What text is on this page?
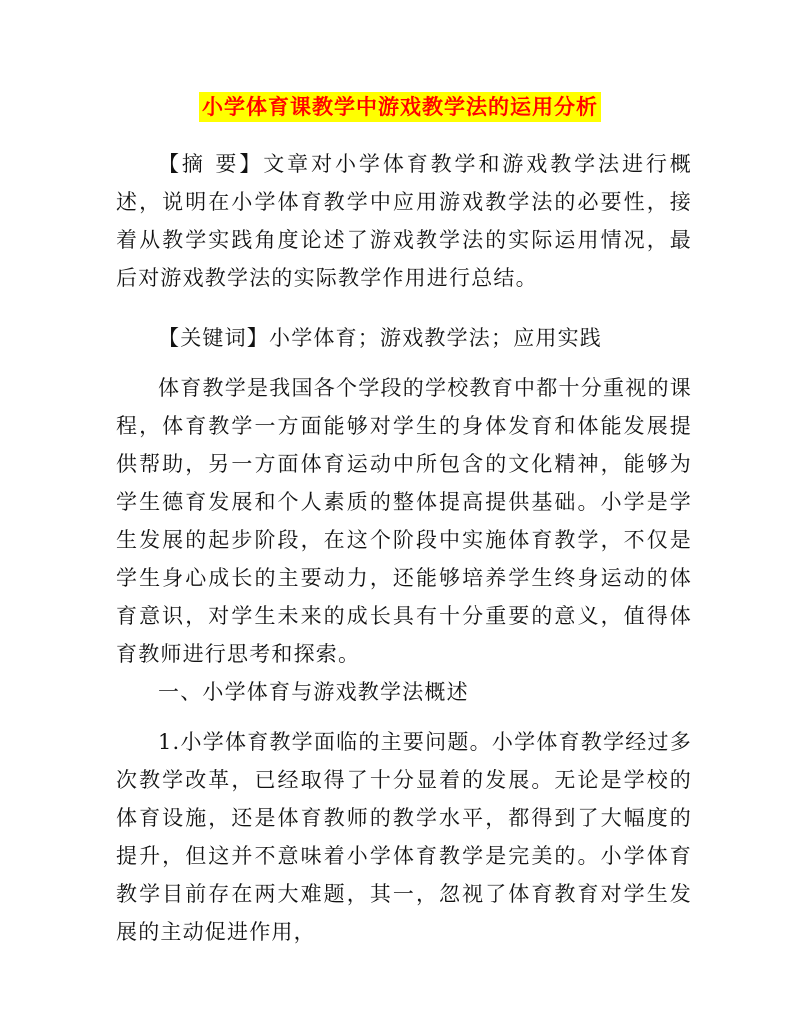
小学体育课教学中游戏教学法的运用分析

【摘 要】文章对小学体育教学和游戏教学法进行概述，说明在小学体育教学中应用游戏教学法的必要性，接着从教学实践角度论述了游戏教学法的实际运用情况，最后对游戏教学法的实际教学作用进行总结。

【关键词】小学体育；游戏教学法；应用实践

体育教学是我国各个学段的学校教育中都十分重视的课程，体育教学一方面能够对学生的身体发育和体能发展提供帮助，另一方面体育运动中所包含的文化精神，能够为学生德育发展和个人素质的整体提高提供基础。小学是学生发展的起步阶段，在这个阶段中实施体育教学，不仅是学生身心成长的主要动力，还能够培养学生终身运动的体育意识，对学生未来的成长具有十分重要的意义，值得体育教师进行思考和探索。

一、小学体育与游戏教学法概述

1.小学体育教学面临的主要问题。小学体育教学经过多次教学改革，已经取得了十分显着的发展。无论是学校的体育设施，还是体育教师的教学水平，都得到了大幅度的提升，但这并不意味着小学体育教学是完美的。小学体育教学目前存在两大难题，其一，忽视了体育教育对学生发展的主动促进作用，
